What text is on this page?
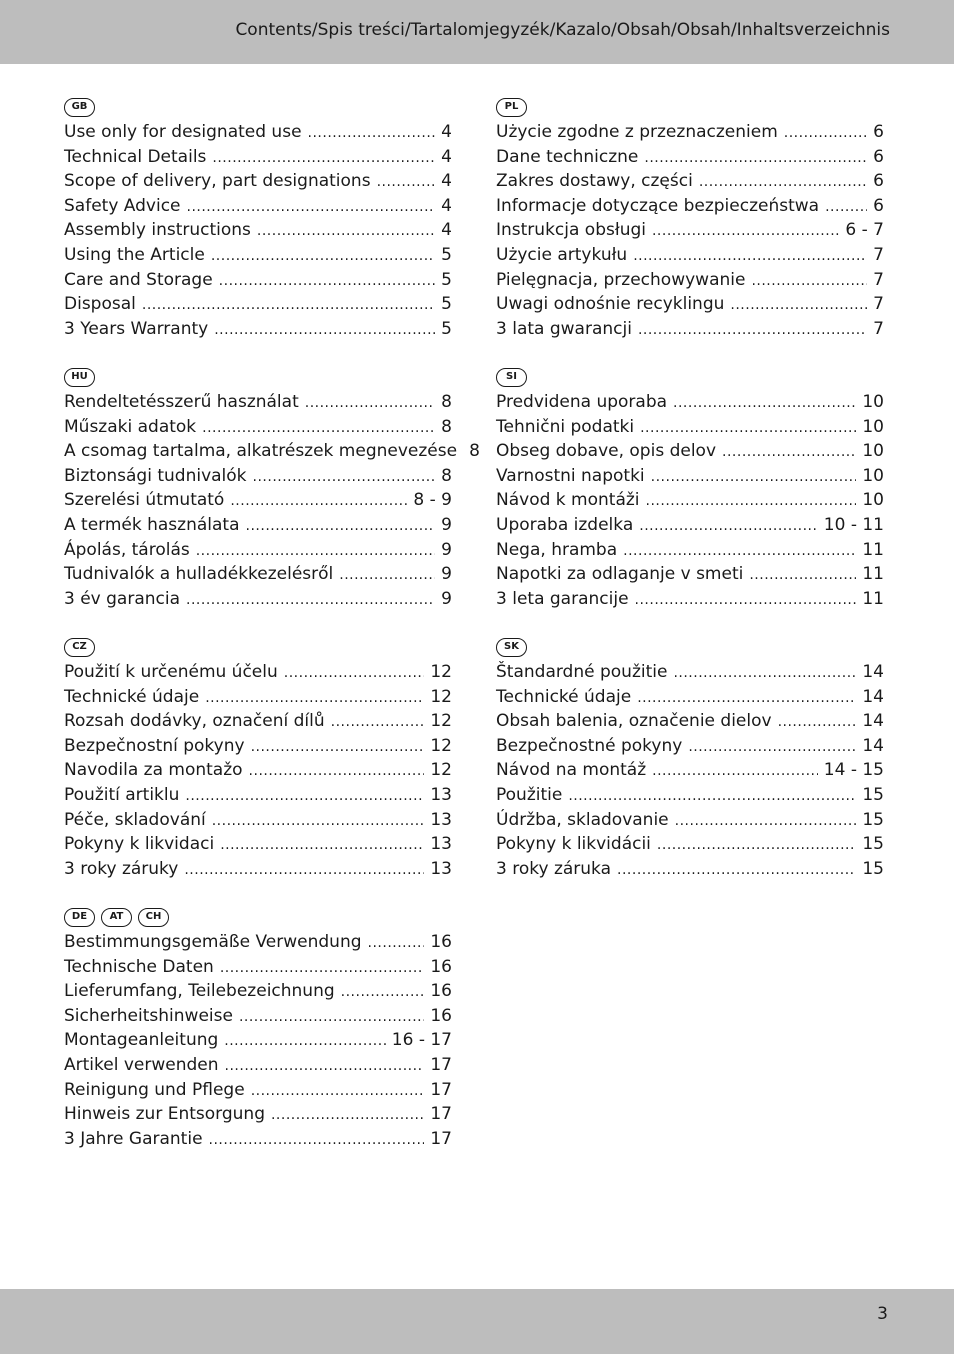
Contents/Spis treści/Tartalomjegyzék/Kazalo/Obsah/Obsah/Inhaltsverzeichnis
GB
Use only for designated use .....	4
Technical Details .....	4
Scope of delivery, part designations .....	4
Safety Advice .....	4
Assembly instructions .....	4
Using the Article .....	5
Care and Storage .....	5
Disposal .....	5
3 Years Warranty .....	5
PL
Użycie zgodne z przeznaczeniem .....	6
Dane techniczne .....	6
Zakres dostawy, części .....	6
Informacje dotyczące bezpieczeństwa .....	6
Instrukcja obsługi .....	6 - 7
Użycie artykułu .....	7
Pielęgnacja, przechowywanie .....	7
Uwagi odnośnie recyklingu .....	7
3 lata gwarancji .....	7
HU
Rendeltetésszerű használat .....	8
Műszaki adatok .....	8
A csomag tartalma, alkatrészek megnevezése 8
Biztonsági tudnivalók .....	8
Szerelési útmutató .....	8 - 9
A termék használata .....	9
Ápolás, tárolás .....	9
Tudnivalók a hulladékkezelésről .....	9
3 év garancia .....	9
SI
Predvidena uporaba .....	10
Tehnični podatki .....	10
Obseg dobave, opis delov .....	10
Varnostni napotki .....	10
Návod k montáži .....	10
Uporaba izdelka .....	10 - 11
Nega, hramba .....	11
Napotki za odlaganje v smeti .....	11
3 leta garancije .....	11
CZ
Použití k určenému účelu .....	12
Technické údaje .....	12
Rozsah dodávky, označení dílů .....	12
Bezpečnostní pokyny .....	12
Navodila za montažo .....	12
Použití artiklu .....	13
Péče, skladování .....	13
Pokyny k likvidaci .....	13
3 roky záruky .....	13
SK
Štandardné použitie .....	14
Technické údaje .....	14
Obsah balenia, označenie dielov .....	14
Bezpečnostné pokyny .....	14
Návod na montáž .....	14 - 15
Použitie .....	15
Údržba, skladovanie .....	15
Pokyny k likvidácii .....	15
3 roky záruka .....	15
DE	AT	CH
Bestimmungsgemäße Verwendung .....	16
Technische Daten .....	16
Lieferumfang, Teilebezeichnung .....	16
Sicherheitshinweise .....	16
Montageanleitung .....	16 - 17
Artikel verwenden .....	17
Reinigung und Pflege .....	17
Hinweis zur Entsorgung .....	17
3 Jahre Garantie .....	17
3
